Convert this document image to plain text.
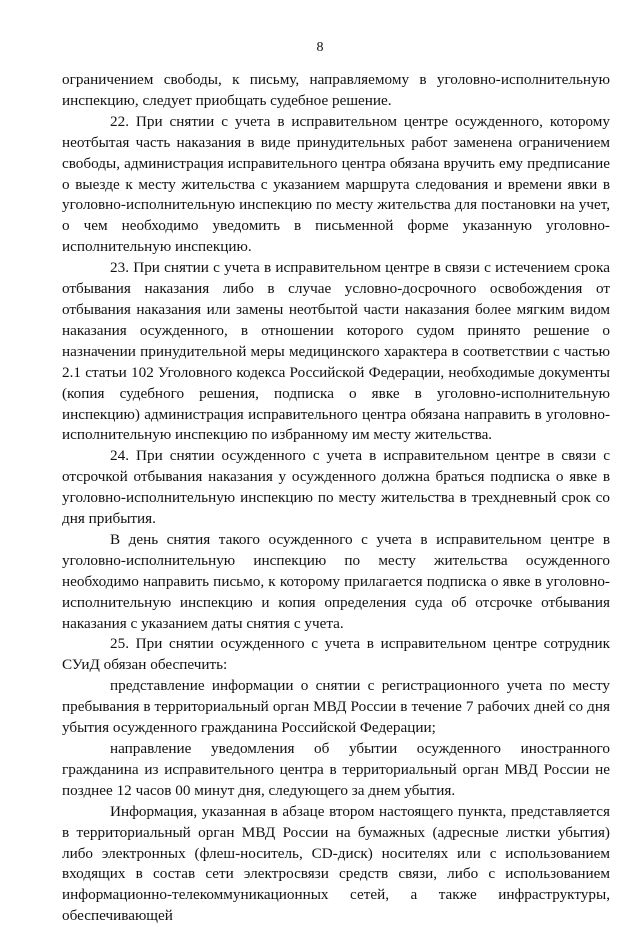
8

ограничением свободы, к письму, направляемому в уголовно-исполнительную инспекцию, следует приобщать судебное решение.

22. При снятии с учета в исправительном центре осужденного, которому неотбытая часть наказания в виде принудительных работ заменена ограничением свободы, администрация исправительного центра обязана вручить ему предписание о выезде к месту жительства с указанием маршрута следования и времени явки в уголовно-исполнительную инспекцию по месту жительства для постановки на учет, о чем необходимо уведомить в письменной форме указанную уголовно-исполнительную инспекцию.

23. При снятии с учета в исправительном центре в связи с истечением срока отбывания наказания либо в случае условно-досрочного освобождения от отбывания наказания или замены неотбытой части наказания более мягким видом наказания осужденного, в отношении которого судом принято решение о назначении принудительной меры медицинского характера в соответствии с частью 2.1 статьи 102 Уголовного кодекса Российской Федерации, необходимые документы (копия судебного решения, подписка о явке в уголовно-исполнительную инспекцию) администрация исправительного центра обязана направить в уголовно-исполнительную инспекцию по избранному им месту жительства.

24. При снятии осужденного с учета в исправительном центре в связи с отсрочкой отбывания наказания у осужденного должна браться подписка о явке в уголовно-исполнительную инспекцию по месту жительства в трехдневный срок со дня прибытия.

В день снятия такого осужденного с учета в исправительном центре в уголовно-исполнительную инспекцию по месту жительства осужденного необходимо направить письмо, к которому прилагается подписка о явке в уголовно-исполнительную инспекцию и копия определения суда об отсрочке отбывания наказания с указанием даты снятия с учета.

25. При снятии осужденного с учета в исправительном центре сотрудник СУиД обязан обеспечить:

представление информации о снятии с регистрационного учета по месту пребывания в территориальный орган МВД России в течение 7 рабочих дней со дня убытия осужденного гражданина Российской Федерации;

направление уведомления об убытии осужденного иностранного гражданина из исправительного центра в территориальный орган МВД России не позднее 12 часов 00 минут дня, следующего за днем убытия.

Информация, указанная в абзаце втором настоящего пункта, представляется в территориальный орган МВД России на бумажных (адресные листки убытия) либо электронных (флеш-носитель, CD-диск) носителях или с использованием входящих в состав сети электросвязи средств связи, либо с использованием информационно-телекоммуникационных сетей, а также инфраструктуры, обеспечивающей
